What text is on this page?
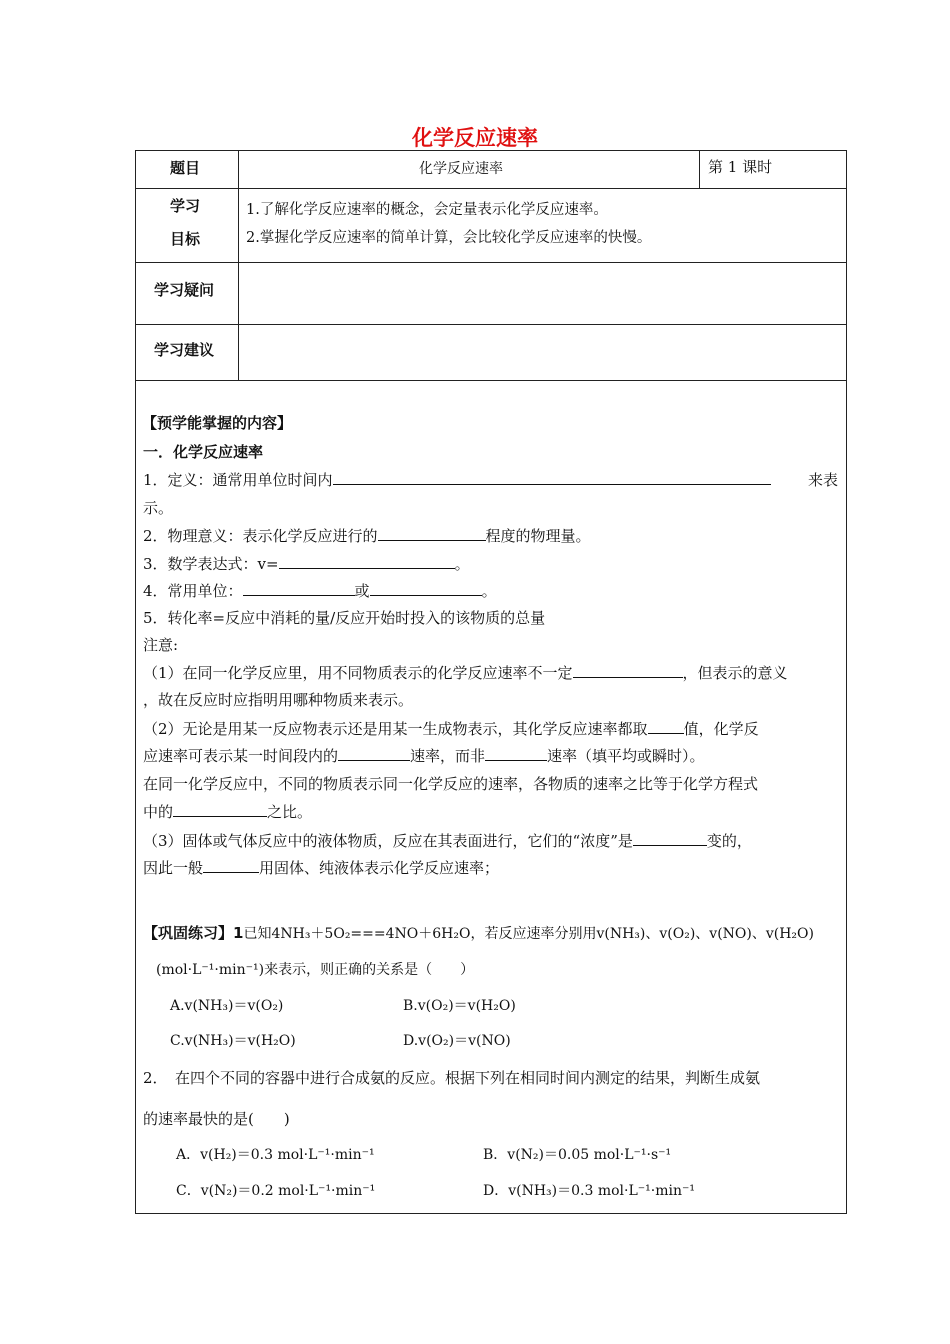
化学反应速率
题目	化学反应速率	第 1 课时
学习
目标
1.了解化学反应速率的概念，会定量表示化学反应速率。
2.掌握化学反应速率的简单计算，会比较化学反应速率的快慢。
学习疑问
学习建议
【预学能掌握的内容】
一．化学反应速率
1．定义：通常用单位时间内	来表
示。
2．物理意义：表示化学反应进行的	程度的物理量。
3．数学表达式：v=	。
4．常用单位：	或	。
5．转化率=反应中消耗的量/反应开始时投入的该物质的总量
注意:
（1）在同一化学反应里，用不同物质表示的化学反应速率不一定	，但表示的意义
，故在反应时应指明用哪种物质来表示。
（2）无论是用某一反应物表示还是用某一生成物表示，其化学反应速率都取 值，化学反
应速率可表示某一时间段内的	速率，而非	速率（填平均或瞬时）。
在同一化学反应中，不同的物质表示同一化学反应的速率，各物质的速率之比等于化学方程式
中的	之比。
（3）固体或气体反应中的液体物质，反应在其表面进行，它们的“浓度”是	变的，
因此一般	用固体、纯液体表示化学反应速率；
【巩固练习】1已知4NH₃＋5O₂===4NO＋6H₂O，若反应速率分别用v(NH₃)、v(O₂)、v(NO)、v(H₂O)
(mol·L⁻¹·min⁻¹)来表示，则正确的关系是（　　）
A.v(NH₃)＝v(O₂)	B.v(O₂)＝v(H₂O)
C.v(NH₃)＝v(H₂O)	D.v(O₂)＝v(NO)
2．　在四个不同的容器中进行合成氨的反应。根据下列在相同时间内测定的结果，判断生成氨
的速率最快的是(　　)
A．v(H₂)＝0.3 mol·L⁻¹·min⁻¹	B．v(N₂)＝0.05 mol·L⁻¹·s⁻¹
C．v(N₂)＝0.2 mol·L⁻¹·min⁻¹	D．v(NH₃)＝0.3 mol·L⁻¹·min⁻¹
